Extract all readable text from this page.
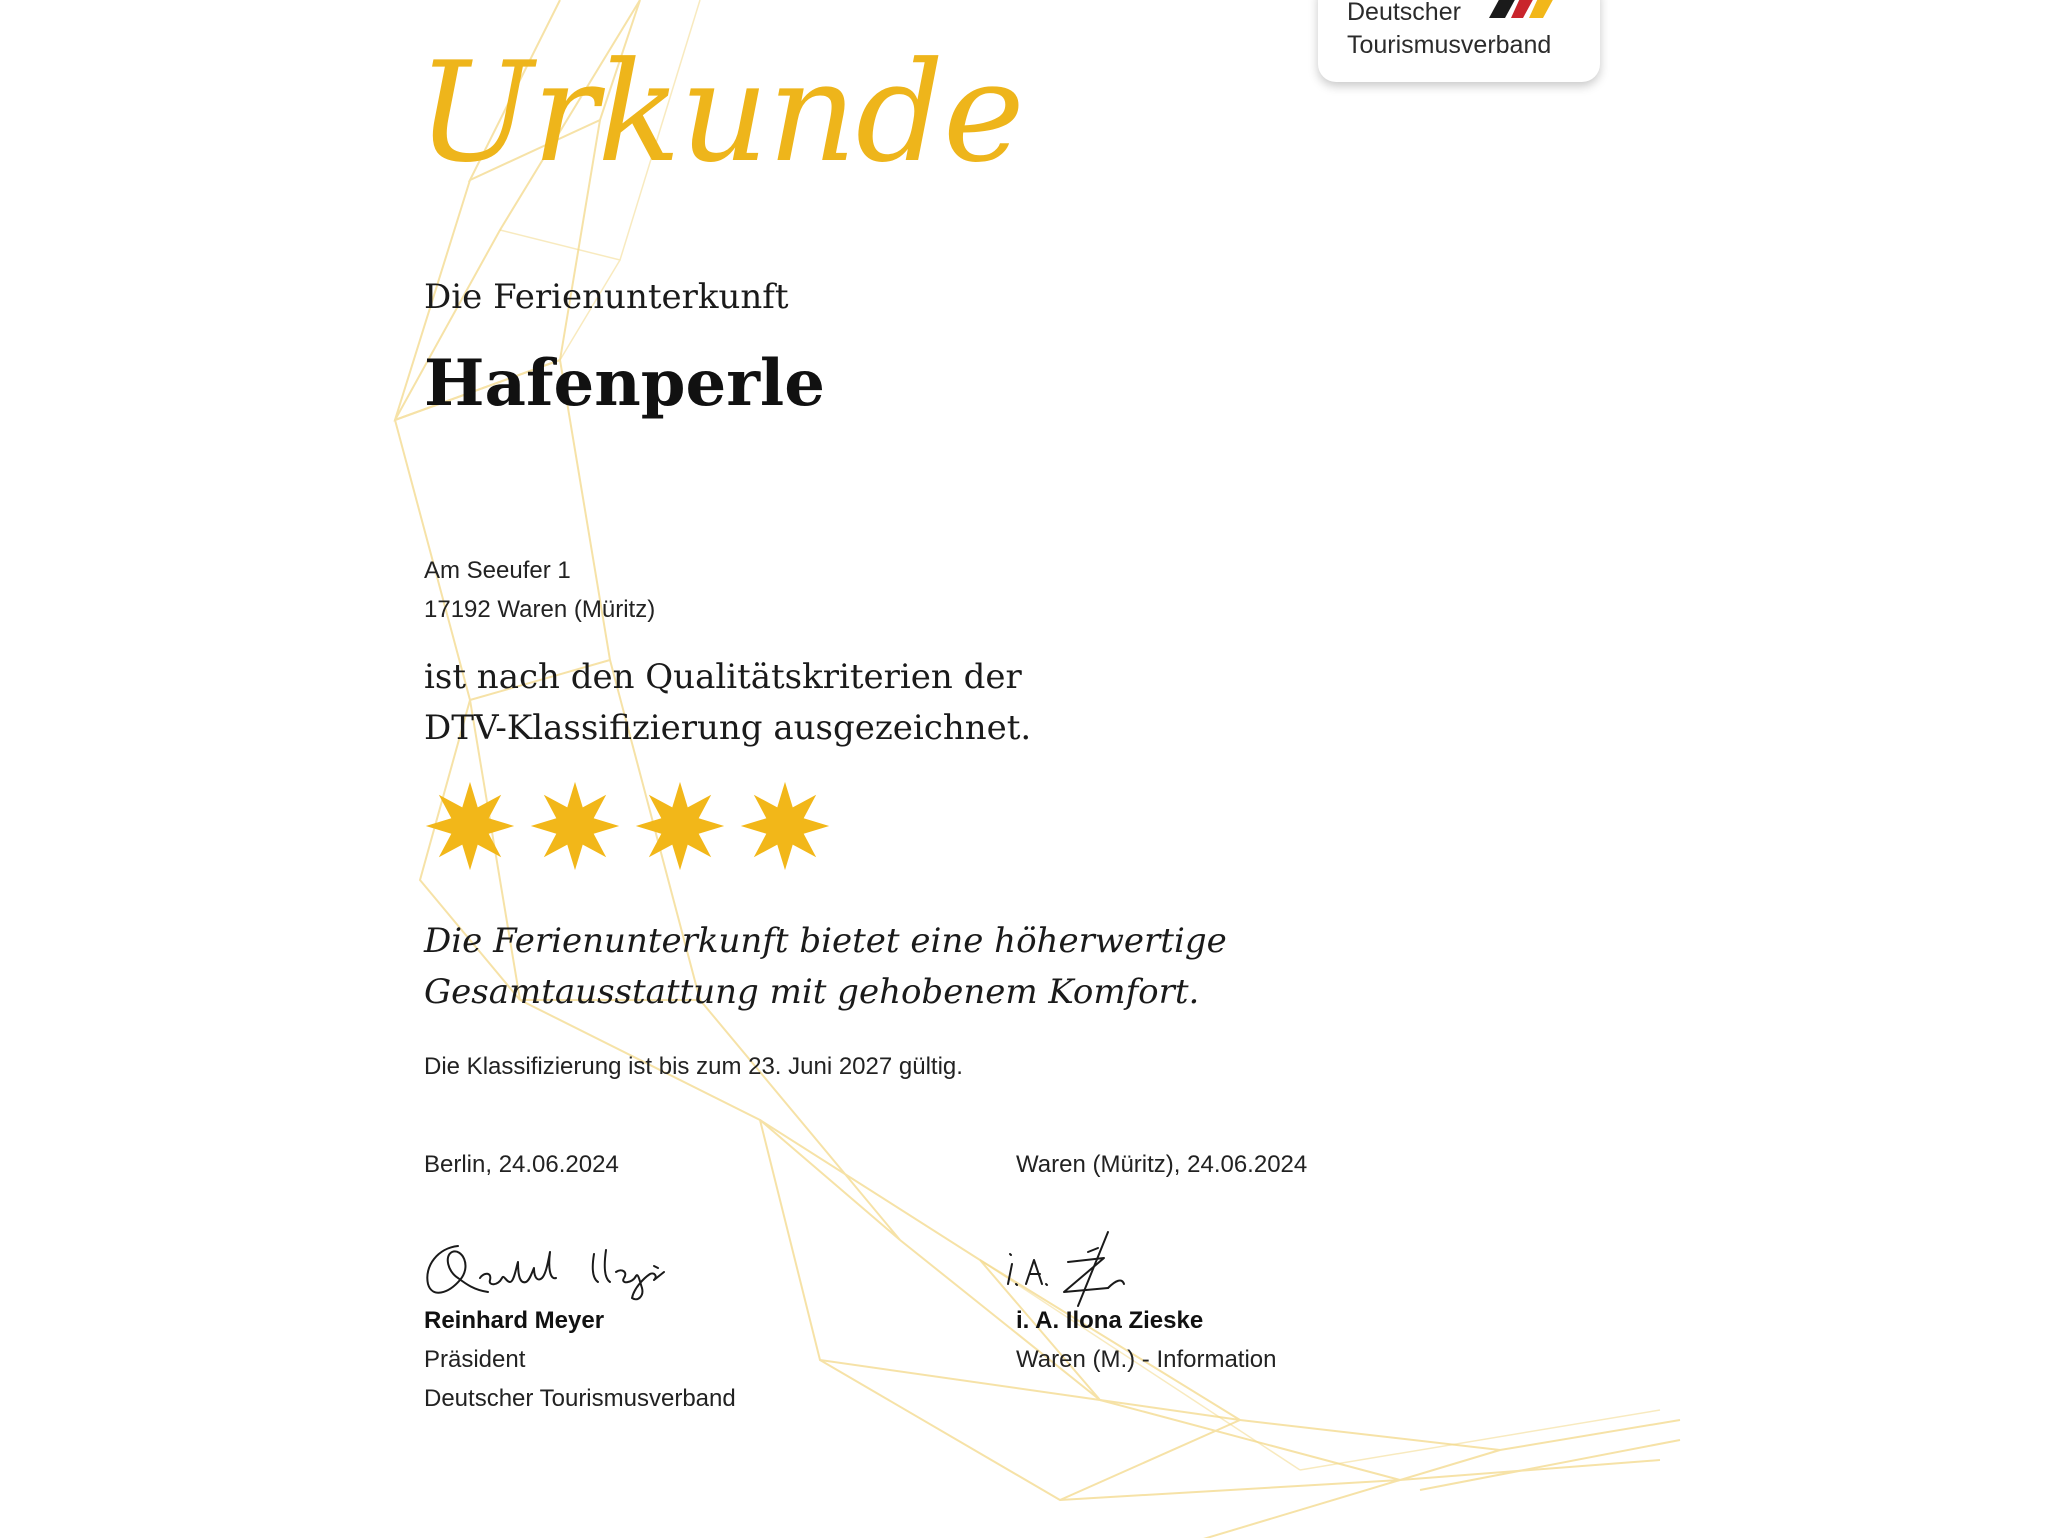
Deutscher
Tourismusverband
Urkunde
Die Ferienunterkunft
Hafenperle
Am Seeufer 1
17192 Waren (Müritz)
ist nach den Qualitätskriterien der
DTV-Klassifizierung ausgezeichnet.
Die Ferienunterkunft bietet eine höherwertige
Gesamtausstattung mit gehobenem Komfort.
Die Klassifizierung ist bis zum 23. Juni 2027 gültig.
Berlin, 24.06.2024
Reinhard Meyer
Präsident
Deutscher Tourismusverband
Waren (Müritz), 24.06.2024
i. A. Ilona Zieske
Waren (M.) - Information
